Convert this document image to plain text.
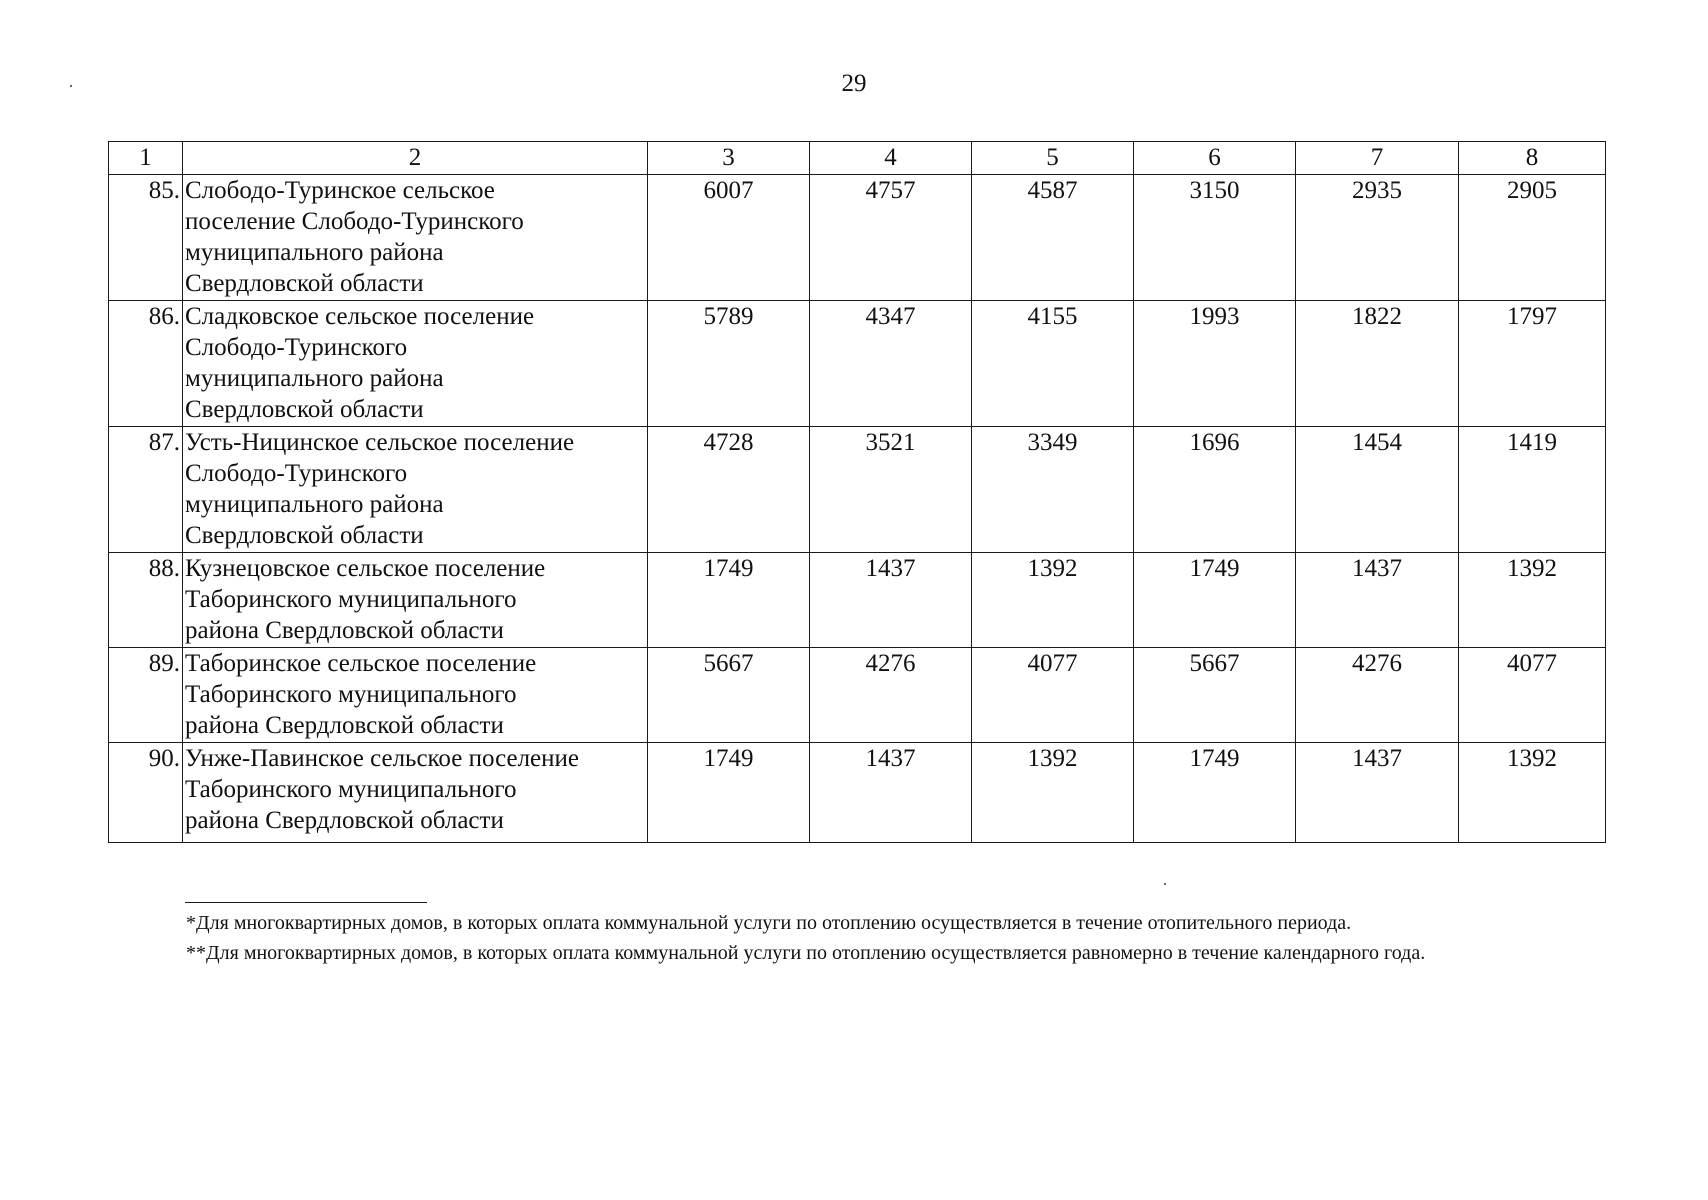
29
1	2	3	4	5	6	7	8
85.	Слободо-Туринское сельское
поселение Слободо-Туринского
муниципального района
Свердловской области	6007	4757	4587	3150	2935	2905
86.	Сладковское сельское поселение
Слободо-Туринского
муниципального района
Свердловской области	5789	4347	4155	1993	1822	1797
87.	Усть-Ницинское сельское поселение
Слободо-Туринского
муниципального района
Свердловской области	4728	3521	3349	1696	1454	1419
88.	Кузнецовское сельское поселение
Таборинского муниципального
района Свердловской области	1749	1437	1392	1749	1437	1392
89.	Таборинское сельское поселение
Таборинского муниципального
района Свердловской области	5667	4276	4077	5667	4276	4077
90.	Унже-Павинское сельское поселение
Таборинского муниципального
района Свердловской области	1749	1437	1392	1749	1437	1392

*Для многоквартирных домов, в которых оплата коммунальной услуги по отоплению осуществляется в течение отопительного периода.

**Для многоквартирных домов, в которых оплата коммунальной услуги по отоплению осуществляется равномерно в течение календарного года.
